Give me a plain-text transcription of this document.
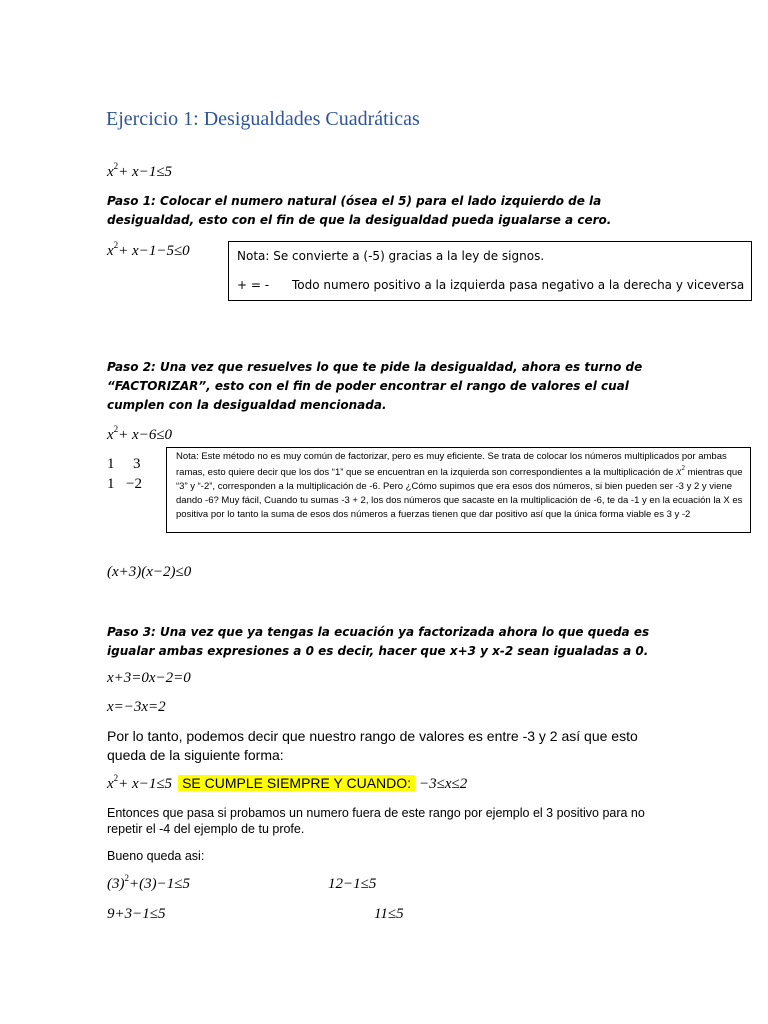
Ejercicio 1: Desigualdades Cuadráticas
$x^2+ x-1\le 5$
Paso 1: Colocar el numero natural (ósea el 5) para el lado izquierdo de la desigualdad, esto con el fin de que la desigualdad pueda igualarse a cero.
$x^2+ x-1-5\le 0$	Nota: Se convierte a (-5) gracias a la ley de signos.
+ = - Todo numero positivo a la izquierda pasa negativo a la derecha y viceversa
Paso 2: Una vez que resuelves lo que te pide la desigualdad, ahora es turno de “FACTORIZAR”, esto con el fin de poder encontrar el rango de valores el cual cumplen con la desigualdad mencionada.
$x^2+ x-6\le 0$
1 3
1 −2
Nota: Este método no es muy común de factorizar, pero es muy eficiente. Se trata de colocar los números multiplicados por ambas ramas, esto quiere decir que los dos “1” que se encuentran en la izquierda son correspondientes a la multiplicación de $x^2$ mientras que “3” y “-2”, corresponden a la multiplicación de -6. Pero ¿Cómo supimos que era esos dos números, si bien pueden ser -3 y 2 y viene dando -6? Muy fácil, Cuando tu sumas -3 + 2, los dos números que sacaste en la multiplicación de -6, te da -1 y en la ecuación la X es positiva por lo tanto la suma de esos dos números a fuerzas tienen que dar positivo así que la única forma viable es 3 y -2
(x+3)(x−2)≤0
Paso 3: Una vez que ya tengas la ecuación ya factorizada ahora lo que queda es igualar ambas expresiones a 0 es decir, hacer que x+3 y x-2 sean igualadas a 0.
x+3=0x−2=0
x=−3x=2
Por lo tanto, podemos decir que nuestro rango de valores es entre -3 y 2 así que esto queda de la siguiente forma:
$x^2+ x-1\le 5$ SE CUMPLE SIEMPRE Y CUANDO: −3≤x≤2
Entonces que pasa si probamos un numero fuera de este rango por ejemplo el 3 positivo para no repetir el -4 del ejemplo de tu profe.
Bueno queda asi:
$(3)^2+(3)-1\le 5$	12−1≤5
9+3−1≤5	11≤5
